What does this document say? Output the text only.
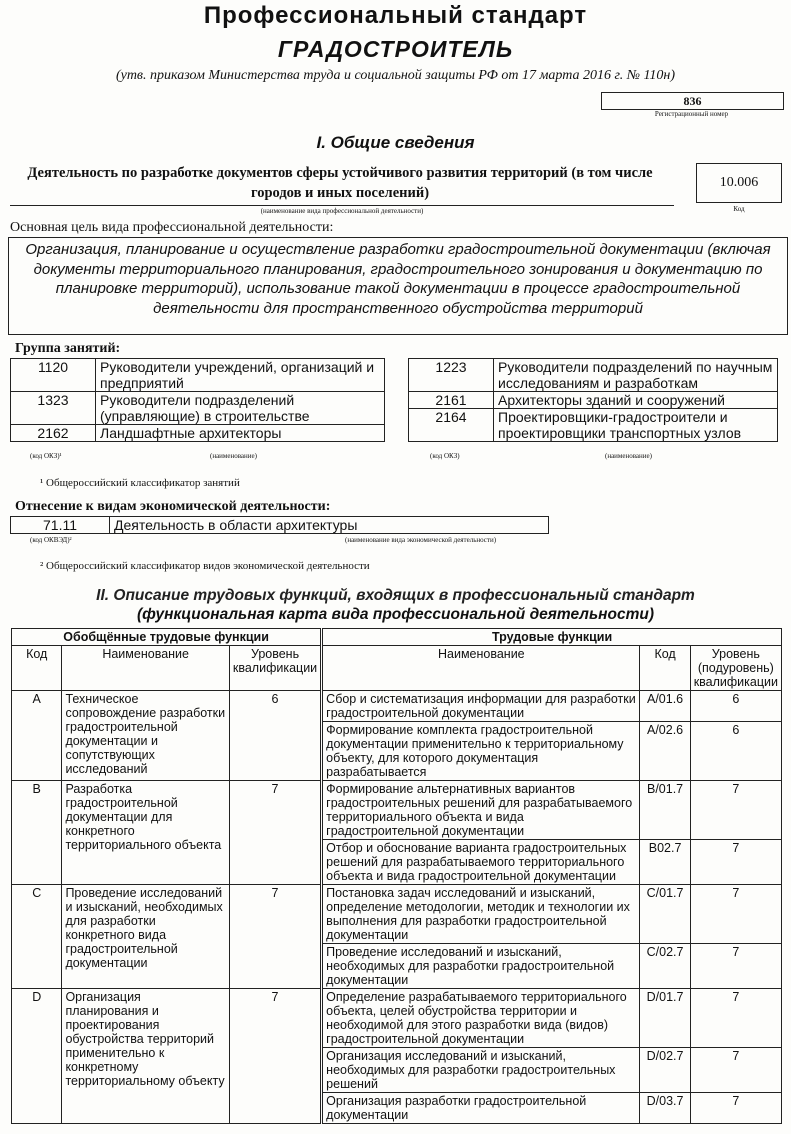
Профессиональный стандарт
ГРАДОСТРОИТЕЛЬ
(утв. приказом Министерства труда и социальной защиты РФ от 17 марта 2016 г. № 110н)
836
Регистрационный номер
I. Общие сведения
Деятельность по разработке документов сферы устойчивого развития территорий (в том числе городов и иных поселений)
(наименование вида профессиональной деятельности)
10.006
Код
Основная цель вида профессиональной деятельности:
Организация, планирование и осуществление разработки градостроительной документации (включая документы территориального планирования, градостроительного зонирования и документацию по планировке территорий), использование такой документации в процессе градостроительной деятельности для пространственного обустройства территорий
Группа занятий:
1120	Руководители учреждений, организаций и предприятий
1323	Руководители подразделений (управляющие) в строительстве
2162	Ландшафтные архитекторы
(код ОКЗ)¹	(наименование)
1223	Руководители подразделений по научным исследованиям и разработкам
2161	Архитекторы зданий и сооружений
2164	Проектировщики-градостроители и проектировщики транспортных узлов
(код ОКЗ)	(наименование)
¹ Общероссийский классификатор занятий
Отнесение к видам экономической деятельности:
71.11	Деятельность в области архитектуры
(код ОКВЭД)²	(наименование вида экономической деятельности)
² Общероссийский классификатор видов экономической деятельности
II. Описание трудовых функций, входящих в профессиональный стандарт
(функциональная карта вида профессиональной деятельности)
Обобщённые трудовые функции			Трудовые функции		
Код	Наименование	Уровень квалификации	Наименование	Код	Уровень (подуровень) квалификации
A	Техническое сопровождение разработки градостроительной документации и сопутствующих исследований	6	Сбор и систематизация информации для разработки градостроительной документации	A/01.6	6
			Формирование комплекта градостроительной документации применительно к территориальному объекту, для которого документация разрабатывается	A/02.6	6
B	Разработка градостроительной документации для конкретного территориального объекта	7	Формирование альтернативных вариантов градостроительных решений для разрабатываемого территориального объекта и вида градостроительной документации	B/01.7	7
			Отбор и обоснование варианта градостроительных решений для разрабатываемого территориального объекта и вида градостроительной документации	B02.7	7
C	Проведение исследований и изысканий, необходимых для разработки конкретного вида градостроительной документации	7	Постановка задач исследований и изысканий, определение методологии, методик и технологии их выполнения для разработки градостроительной документации	C/01.7	7
			Проведение исследований и изысканий, необходимых для разработки градостроительной документации	C/02.7	7
D	Организация планирования и проектирования обустройства территорий применительно к конкретному территориальному объекту	7	Определение разрабатываемого территориального объекта, целей обустройства территории и необходимой для этого разработки вида (видов) градостроительной документации	D/01.7	7
			Организация исследований и изысканий, необходимых для разработки градостроительных решений	D/02.7	7
			Организация разработки градостроительной документации	D/03.7	7
